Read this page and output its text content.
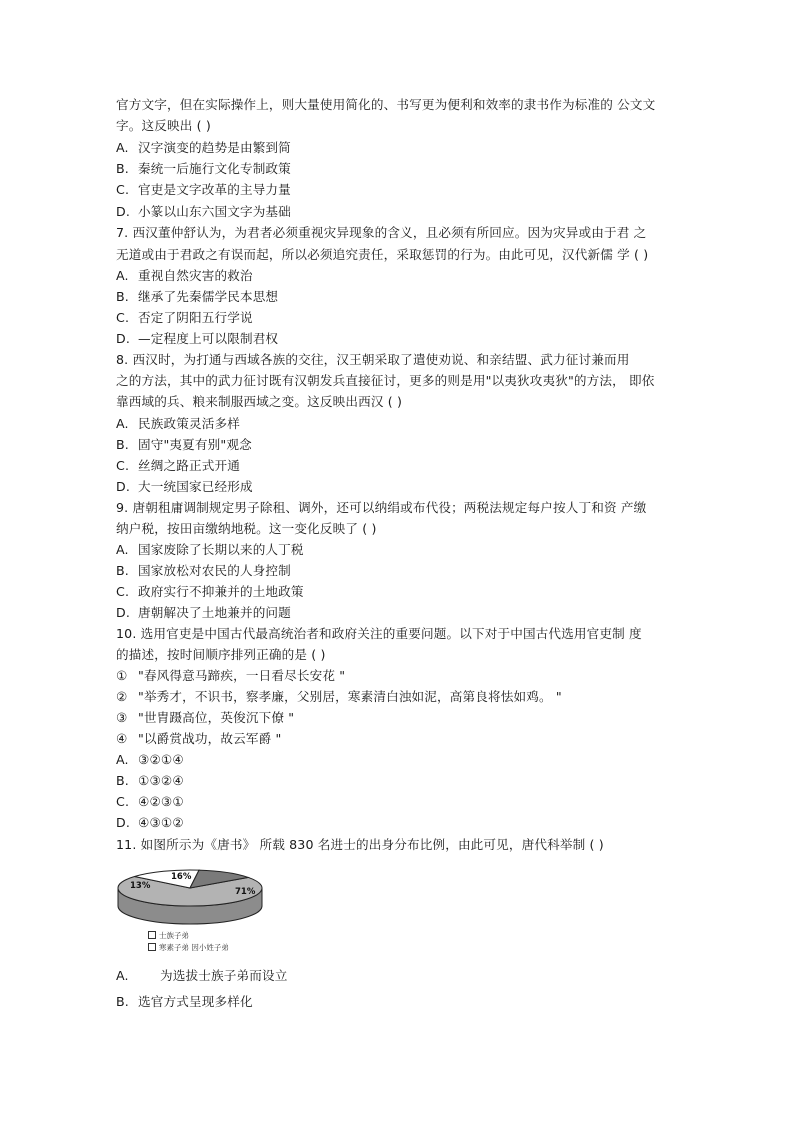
官方文字，但在实际操作上，则大量使用简化的、书写更为便利和效率的隶书作为标准的 公文文
字。这反映出 ( )
A. 汉字演变的趋势是由繁到简
B. 秦统一后施行文化专制政策
C. 官吏是文字改革的主导力量
D. 小篆以山东六国文字为基础
7. 西汉董仲舒认为，为君者必须重视灾异现象的含义，且必须有所回应。因为灾异或由于君 之
无道或由于君政之有误而起，所以必须追究责任，采取惩罚的行为。由此可见，汉代新儒 学 ( )
A. 重视自然灾害的救治
B. 继承了先秦儒学民本思想
C. 否定了阴阳五行学说
D. —定程度上可以限制君权
8. 西汉时，为打通与西域各族的交往，汉王朝采取了遣使劝说、和亲结盟、武力征讨兼而用
之的方法，其中的武力征讨既有汉朝发兵直接征讨，更多的则是用"以夷狄攻夷狄"的方法， 即依
靠西域的兵、粮来制服西域之变。这反映出西汉 ( )
A. 民族政策灵活多样
B. 固守"夷夏有别"观念
C. 丝绸之路正式开通
D. 大一统国家已经形成
9. 唐朝租庸调制规定男子除租、调外，还可以纳绢或布代役；两税法规定每户按人丁和资 产缴
纳户税，按田亩缴纳地税。这一变化反映了 ( )
A. 国家废除了长期以来的人丁税
B. 国家放松对农民的人身控制
C. 政府实行不抑兼并的土地政策
D. 唐朝解决了土地兼并的问题
10. 选用官吏是中国古代最高统治者和政府关注的重要问题。以下对于中国古代选用官吏制 度
的描述，按时间顺序排列正确的是 ( )
① "春风得意马蹄疾，一日看尽长安花 "
② "举秀才，不识书，察孝廉，父别居，寒素清白浊如泥，高第良将怯如鸡。 "
③ "世胄蹑高位，英俊沉下僚 "
④ "以爵赏战功，故云军爵 "
A. ③②①④
B. ①③②④
C. ④②③①
D. ④③①②
11. 如图所示为《唐书》 所载 830 名进士的出身分布比例，由此可见，唐代科举制 ( )
71%
16%
13%
士族子弟
寒素子弟 因小姓子弟
A. 为选拔士族子弟而设立
B. 选官方式呈现多样化
